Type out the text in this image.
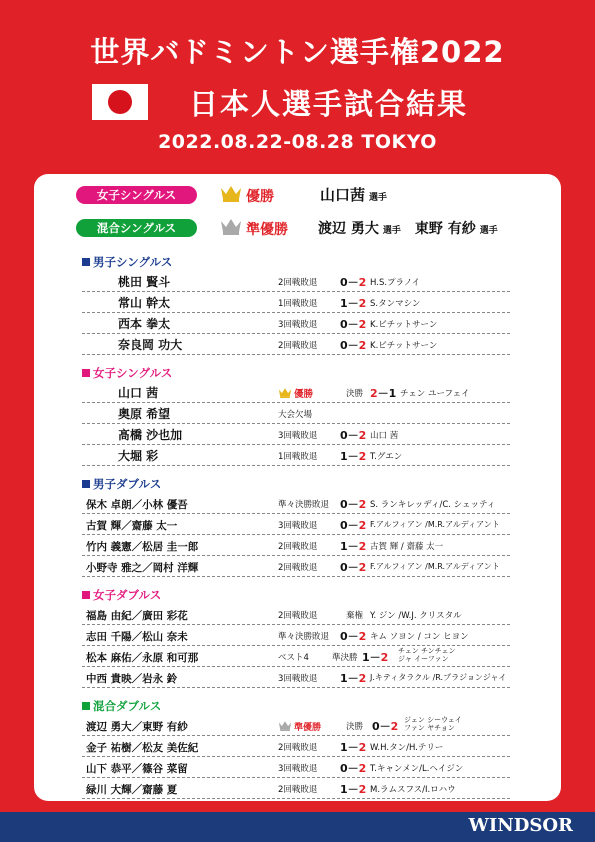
世界バドミントン選手権2022
日本人選手試合結果
2022.08.22-08.28 TOKYO
女子シングルス	優勝	山口茜 選手
混合シングルス	準優勝 渡辺 勇大 選手　 東野 有紗 選手
男子シングルス
桃田 賢斗	2回戦敗退 0－2 H.S.プラノイ
常山 幹太	1回戦敗退 1－2 S.タンマシン
西本 拳太	3回戦敗退 0－2 K.ビチットサーン
奈良岡 功大	2回戦敗退 0－2 K.ビチットサーン
女子シングルス
山口 茜	優勝	決勝 2－1 チェン ユーフェイ
奥原 希望	大会欠場
髙橋 沙也加	3回戦敗退 0－2 山口 茜
大堀 彩	1回戦敗退 1－2 T.グエン
男子ダブルス
保木 卓朗／小林 優吾	準々決勝敗退 0－2 S. ランキレッディ/C. シェッティ
古賀 輝／齋藤 太一	3回戦敗退 0－2 F.アルフィアン /M.R.アルディアント
竹内 義憲／松居 圭一郎	2回戦敗退 1－2 古賀 輝 / 齋藤 太一
小野寺 雅之／岡村 洋輝	2回戦敗退 0－2 F.アルフィアン /M.R.アルディアント
女子ダブルス
福島 由紀／廣田 彩花	2回戦敗退	棄権 Y. ジン /W.J. クリスタル
志田 千陽／松山 奈未	準々決勝敗退 0－2 キム ソヨン / コン ヒヨン
松本 麻佑／永原 和可那	ベスト4	準決勝 1－2 チェン チンチェン
ジャ イーファン
中西 貴映／岩永 鈴	3回戦敗退 1－2 J.キティタラクル /R.プラジョンジャイ
混合ダブルス
渡辺 勇大／東野 有紗	準優勝	決勝 0－2 ジェン シーウェイ
ファン ヤチョン
金子 祐樹／松友 美佐紀	2回戦敗退 1－2 W.H.タン/H.テリー
山下 恭平／篠谷 菜留	3回戦敗退 0－2 T.キャンメン/L.ヘイジン
緑川 大輝／齋藤 夏	2回戦敗退 1－2 M.ラムスフス/I.ロハウ
WINDSOR
